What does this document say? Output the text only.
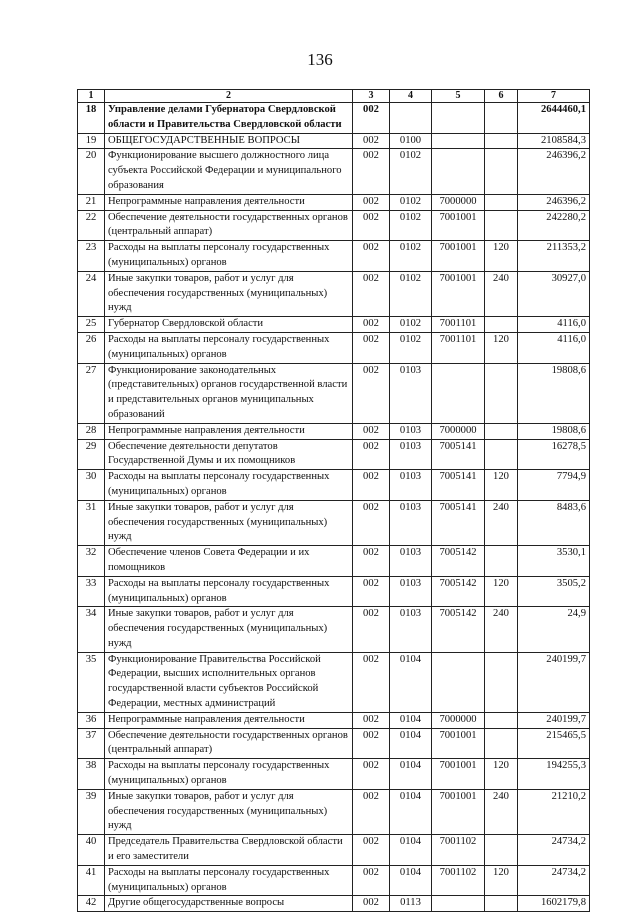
136
1	2	3	4	5	6	7
18	Управление делами Губернатора Свердловской области и Правительства Свердловской области	002				2644460,1
19	ОБЩЕГОСУДАРСТВЕННЫЕ ВОПРОСЫ	002	0100			2108584,3
20	Функционирование высшего должностного лица субъекта Российской Федерации и муниципального образования	002	0102			246396,2
21	Непрограммные направления деятельности	002	0102	7000000		246396,2
22	Обеспечение деятельности государственных органов (центральный аппарат)	002	0102	7001001		242280,2
23	Расходы на выплаты персоналу государственных (муниципальных) органов	002	0102	7001001	120	211353,2
24	Иные закупки товаров, работ и услуг для обеспечения государственных (муниципальных) нужд	002	0102	7001001	240	30927,0
25	Губернатор Свердловской области	002	0102	7001101		4116,0
26	Расходы на выплаты персоналу государственных (муниципальных) органов	002	0102	7001101	120	4116,0
27	Функционирование законодательных (представительных) органов государственной власти и представительных органов муниципальных образований	002	0103			19808,6
28	Непрограммные направления деятельности	002	0103	7000000		19808,6
29	Обеспечение деятельности депутатов Государственной Думы и их помощников	002	0103	7005141		16278,5
30	Расходы на выплаты персоналу государственных (муниципальных) органов	002	0103	7005141	120	7794,9
31	Иные закупки товаров, работ и услуг для обеспечения государственных (муниципальных) нужд	002	0103	7005141	240	8483,6
32	Обеспечение членов Совета Федерации и их помощников	002	0103	7005142		3530,1
33	Расходы на выплаты персоналу государственных (муниципальных) органов	002	0103	7005142	120	3505,2
34	Иные закупки товаров, работ и услуг для обеспечения государственных (муниципальных) нужд	002	0103	7005142	240	24,9
35	Функционирование Правительства Российской Федерации, высших исполнительных органов государственной власти субъектов Российской Федерации, местных администраций	002	0104			240199,7
36	Непрограммные направления деятельности	002	0104	7000000		240199,7
37	Обеспечение деятельности государственных органов (центральный аппарат)	002	0104	7001001		215465,5
38	Расходы на выплаты персоналу государственных (муниципальных) органов	002	0104	7001001	120	194255,3
39	Иные закупки товаров, работ и услуг для обеспечения государственных (муниципальных) нужд	002	0104	7001001	240	21210,2
40	Председатель Правительства Свердловской области и его заместители	002	0104	7001102		24734,2
41	Расходы на выплаты персоналу государственных (муниципальных) органов	002	0104	7001102	120	24734,2
42	Другие общегосударственные вопросы	002	0113			1602179,8
